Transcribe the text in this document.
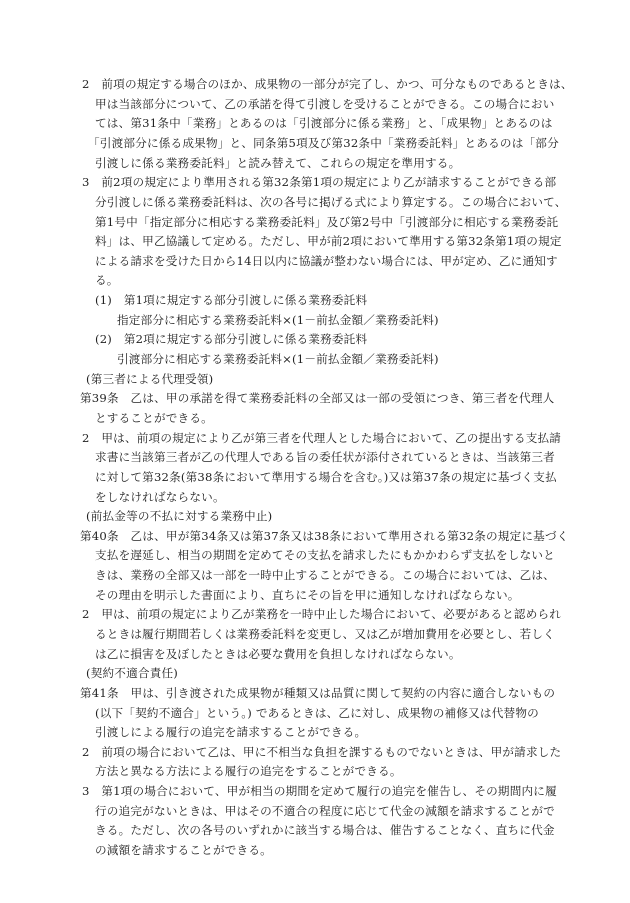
2　前項の規定する場合のほか、成果物の一部分が完了し、かつ、可分なものであるときは、
甲は当該部分について、乙の承諾を得て引渡しを受けることができる。この場合におい
ては、第31条中「業務」とあるのは「引渡部分に係る業務」と、「成果物」とあるのは
「引渡部分に係る成果物」と、同条第5項及び第32条中「業務委託料」とあるのは「部分
引渡しに係る業務委託料」と読み替えて、これらの規定を準用する。
3　前2項の規定により準用される第32条第1項の規定により乙が請求することができる部
分引渡しに係る業務委託料は、次の各号に掲げる式により算定する。この場合において、
第1号中「指定部分に相応する業務委託料」及び第2号中「引渡部分に相応する業務委託
料」は、甲乙協議して定める。ただし、甲が前2項において準用する第32条第1項の規定
による請求を受けた日から14日以内に協議が整わない場合には、甲が定め、乙に通知す
る。
(1)　第1項に規定する部分引渡しに係る業務委託料
指定部分に相応する業務委託料×(1－前払金額／業務委託料)
(2)　第2項に規定する部分引渡しに係る業務委託料
引渡部分に相応する業務委託料×(1－前払金額／業務委託料)
(第三者による代理受領)
第39条　乙は、甲の承諾を得て業務委託料の全部又は一部の受領につき、第三者を代理人
とすることができる。
2　甲は、前項の規定により乙が第三者を代理人とした場合において、乙の提出する支払請
求書に当該第三者が乙の代理人である旨の委任状が添付されているときは、当該第三者
に対して第32条(第38条において準用する場合を含む。)又は第37条の規定に基づく支払
をしなければならない。
(前払金等の不払に対する業務中止)
第40条　乙は、甲が第34条又は第37条又は38条において準用される第32条の規定に基づく
支払を遅延し、相当の期間を定めてその支払を請求したにもかかわらず支払をしないと
きは、業務の全部又は一部を一時中止することができる。この場合においては、乙は、
その理由を明示した書面により、直ちにその旨を甲に通知しなければならない。
2　甲は、前項の規定により乙が業務を一時中止した場合において、必要があると認められ
るときは履行期間若しくは業務委託料を変更し、又は乙が増加費用を必要とし、若しく
は乙に損害を及ぼしたときは必要な費用を負担しなければならない。
(契約不適合責任)
第41条　甲は、引き渡された成果物が種類又は品質に関して契約の内容に適合しないもの
(以下「契約不適合」という。) であるときは、乙に対し、成果物の補修又は代替物の
引渡しによる履行の追完を請求することができる。
2　前項の場合において乙は、甲に不相当な負担を課するものでないときは、甲が請求した
方法と異なる方法による履行の追完をすることができる。
3　第1項の場合において、甲が相当の期間を定めて履行の追完を催告し、その期間内に履
行の追完がないときは、甲はその不適合の程度に応じて代金の減額を請求することがで
きる。ただし、次の各号のいずれかに該当する場合は、催告することなく、直ちに代金
の減額を請求することができる。
